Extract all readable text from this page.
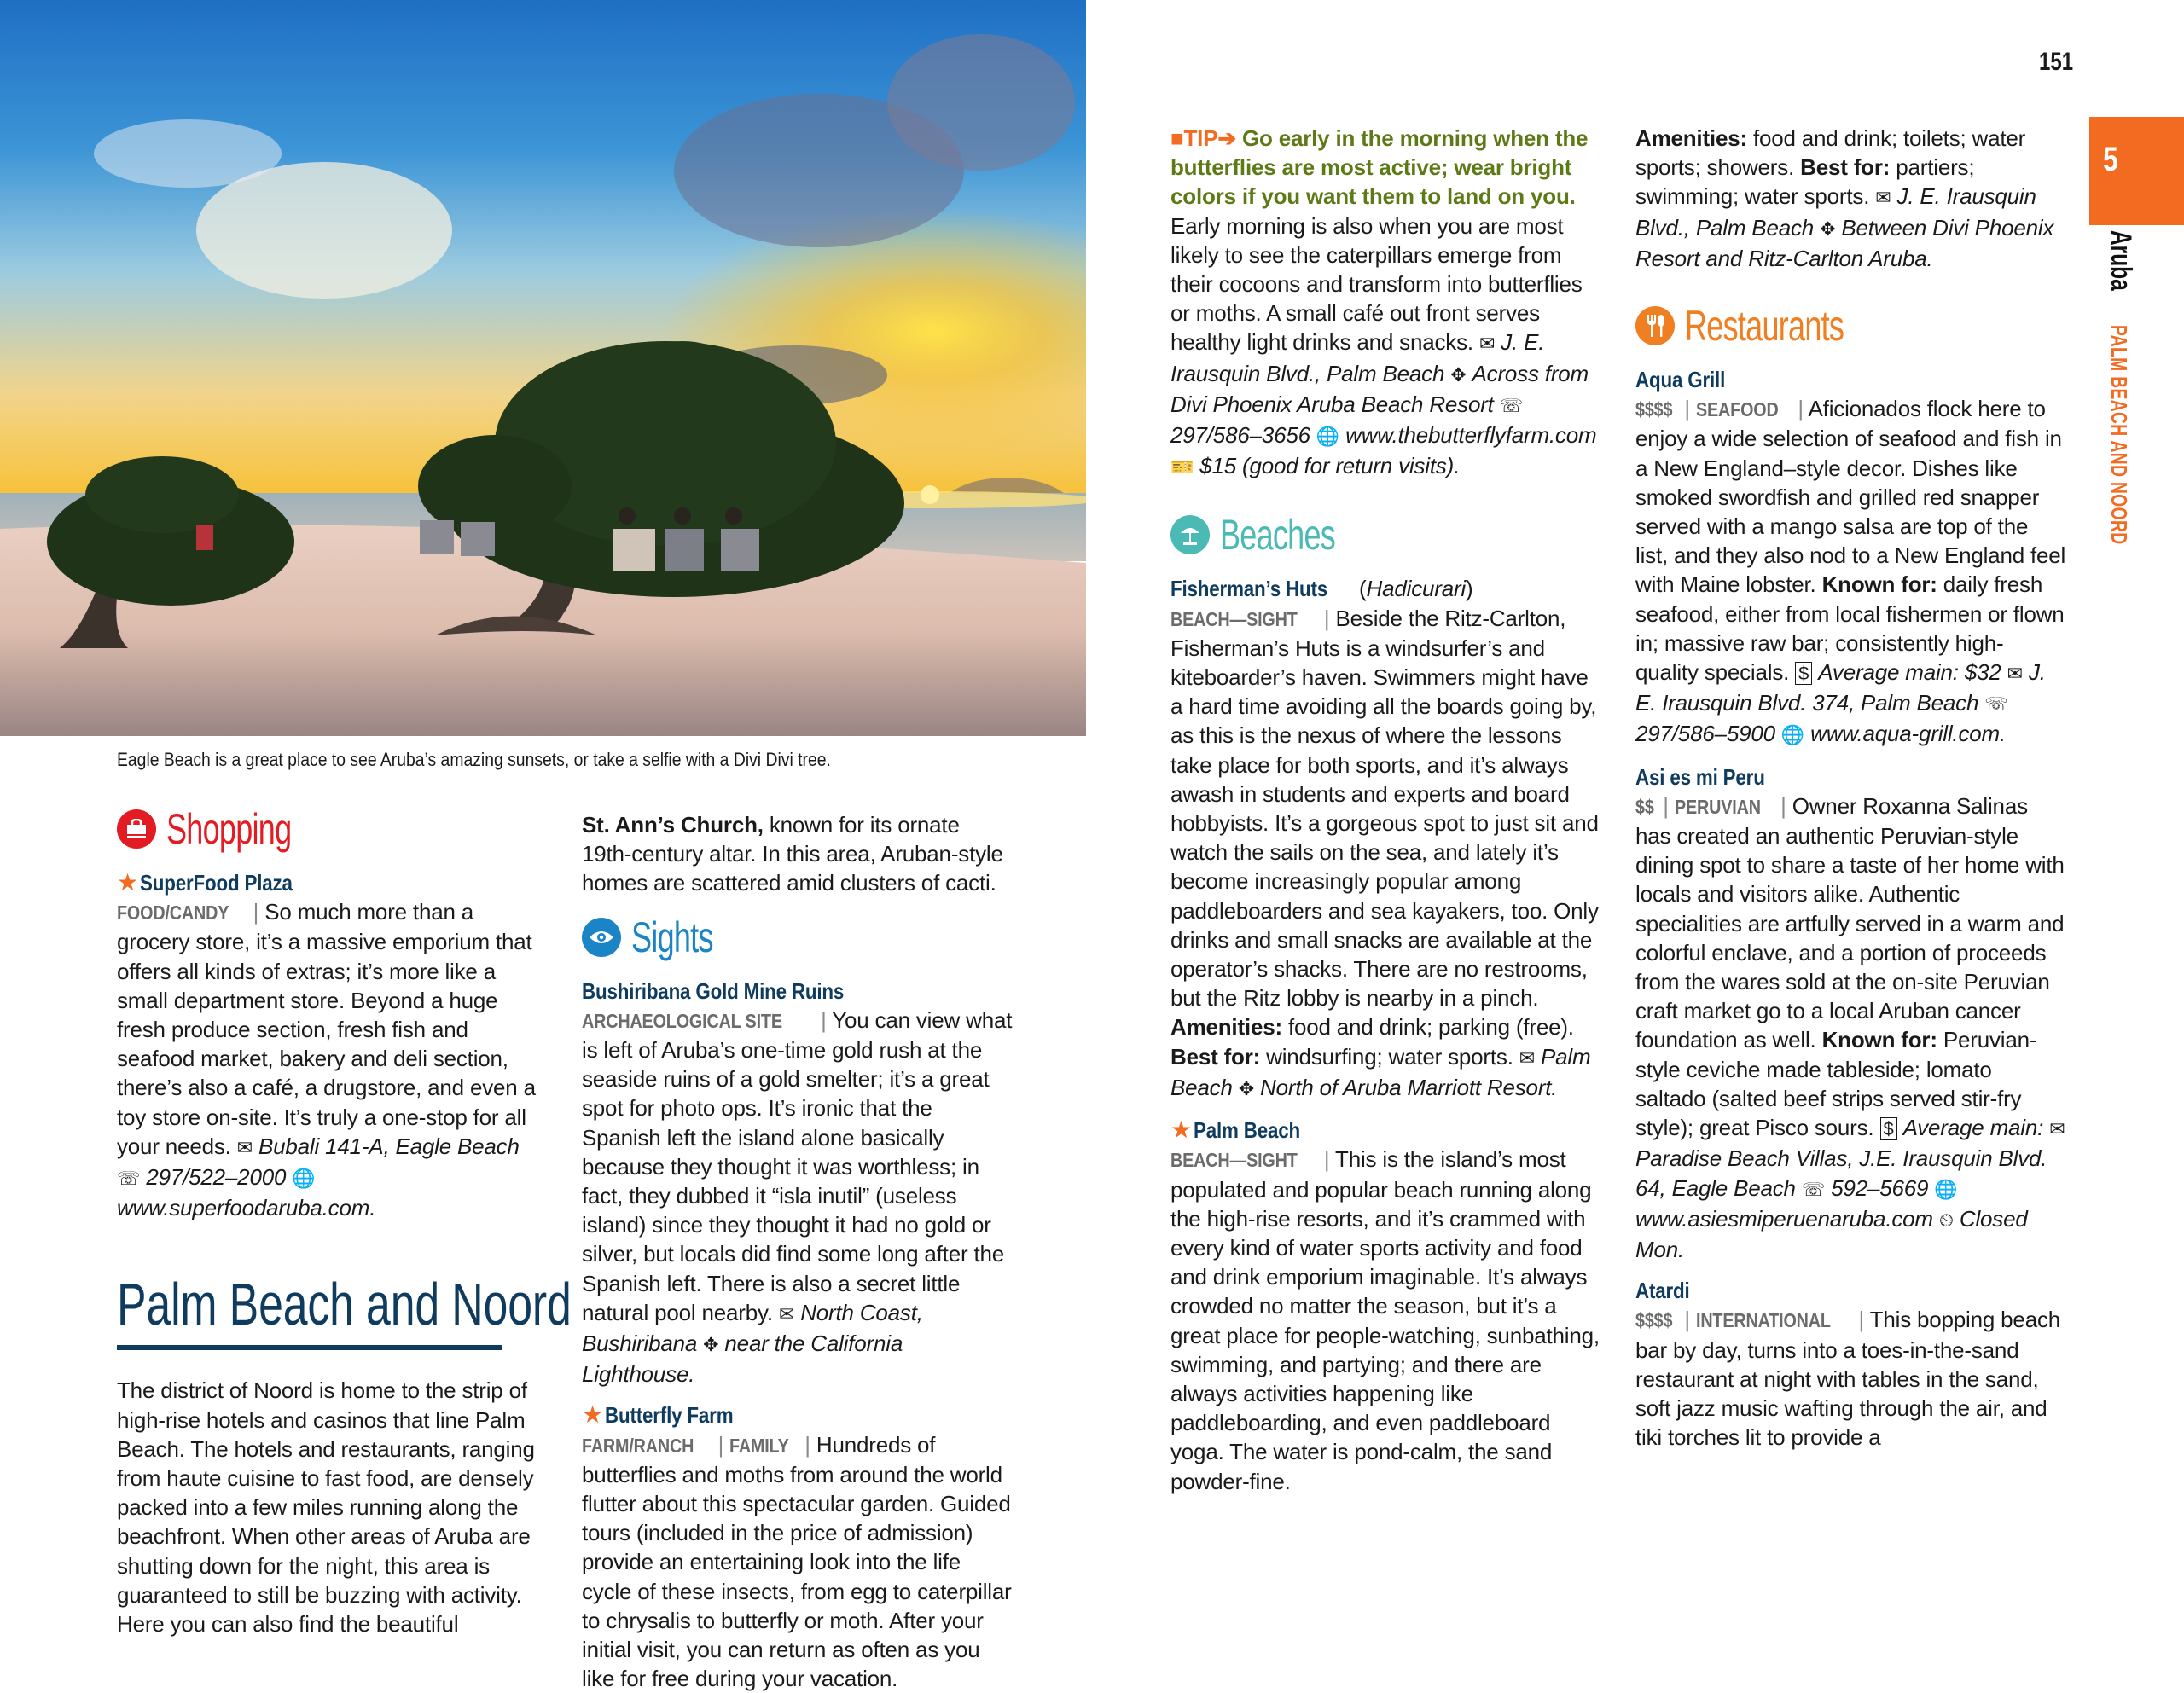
Eagle Beach is a great place to see Aruba’s amazing sunsets, or take a selfie with a Divi Divi tree.
Shopping
★SuperFood Plaza

FOOD/CANDY | So much more than a grocery store, it’s a massive emporium that offers all kinds of extras; it’s more like a small department store. Beyond a huge fresh produce section, fresh fish and seafood market, bakery and deli section, there’s also a café, a drugstore, and even a toy store on-site. It’s truly a one-stop for all your needs. ✉ Bubali 141-A, Eagle Beach ☏ 297/522–2000 🌐 www.superfoodaruba.com.

Palm Beach and Noord

The district of Noord is home to the strip of high-rise hotels and casinos that line Palm Beach. The hotels and restaurants, ranging from haute cuisine to fast food, are densely packed into a few miles running along the beachfront. When other areas of Aruba are shutting down for the night, this area is guaranteed to still be buzzing with activity. Here you can also find the beautiful

St. Ann’s Church, known for its ornate 19th-century altar. In this area, Aruban-style homes are scattered amid clusters of cacti.

Sights
Bushiribana Gold Mine Ruins

ARCHAEOLOGICAL SITE | You can view what is left of Aruba’s one-time gold rush at the seaside ruins of a gold smelter; it’s a great spot for photo ops. It’s ironic that the Spanish left the island alone basically because they thought it was worthless; in fact, they dubbed it “isla inutil” (useless island) since they thought it had no gold or silver, but locals did find some long after the Spanish left. There is also a secret little natural pool nearby. ✉ North Coast, Bushiribana ✥ near the California Lighthouse.

★Butterfly Farm

FARM/RANCH | FAMILY | Hundreds of butterflies and moths from around the world flutter about this spectacular garden. Guided tours (included in the price of admission) provide an entertaining look into the life cycle of these insects, from egg to caterpillar to chrysalis to butterfly or moth. After your initial visit, you can return as often as you like for free during your vacation.

■TIP➔ Go early in the morning when the butterflies are most active; wear bright colors if you want them to land on you. Early morning is also when you are most likely to see the caterpillars emerge from their cocoons and transform into butterflies or moths. A small café out front serves healthy light drinks and snacks. ✉ J. E. Irausquin Blvd., Palm Beach ✥ Across from Divi Phoenix Aruba Beach Resort ☏ 297/586–3656 🌐 www.thebutterflyfarm.com 🎫 $15 (good for return visits).

Beaches
Fisherman’s Huts (Hadicurari)

BEACH—SIGHT | Beside the Ritz-Carlton, Fisherman’s Huts is a windsurfer’s and kiteboarder’s haven. Swimmers might have a hard time avoiding all the boards going by, as this is the nexus of where the lessons take place for both sports, and it’s always awash in students and experts and board hobbyists. It’s a gorgeous spot to just sit and watch the sails on the sea, and lately it’s become increasingly popular among paddleboarders and sea kayakers, too. Only drinks and small snacks are available at the operator’s shacks. There are no restrooms, but the Ritz lobby is nearby in a pinch. Amenities: food and drink; parking (free). Best for: windsurfing; water sports. ✉ Palm Beach ✥ North of Aruba Marriott Resort.

★Palm Beach

BEACH—SIGHT | This is the island’s most populated and popular beach running along the high-rise resorts, and it’s crammed with every kind of water sports activity and food and drink emporium imaginable. It’s always crowded no matter the season, but it’s a great place for people-watching, sunbathing, swimming, and partying; and there are always activities happening like paddleboarding, and even paddleboard yoga. The water is pond-calm, the sand powder-fine.

Amenities: food and drink; toilets; water sports; showers. Best for: partiers; swimming; water sports. ✉ J. E. Irausquin Blvd., Palm Beach ✥ Between Divi Phoenix Resort and Ritz-Carlton Aruba.

Restaurants
Aqua Grill

$$$$ | SEAFOOD | Aficionados flock here to enjoy a wide selection of seafood and fish in a New England–style decor. Dishes like smoked swordfish and grilled red snapper served with a mango salsa are top of the list, and they also nod to a New England feel with Maine lobster. Known for: daily fresh seafood, either from local fishermen or flown in; massive raw bar; consistently high-quality specials. $ Average main: $32 ✉ J. E. Irausquin Blvd. 374, Palm Beach ☏ 297/586–5900 🌐 www.aqua-grill.com.

Asi es mi Peru

$$ | PERUVIAN | Owner Roxanna Salinas has created an authentic Peruvian-style dining spot to share a taste of her home with locals and visitors alike. Authentic specialities are artfully served in a warm and colorful enclave, and a portion of proceeds from the wares sold at the on-site Peruvian craft market go to a local Aruban cancer foundation as well. Known for: Peruvian-style ceviche made tableside; lomato saltado (salted beef strips served stir-fry style); great Pisco sours. $ Average main: ✉ Paradise Beach Villas, J.E. Irausquin Blvd. 64, Eagle Beach ☏ 592–5669 🌐 www.asiesmiperuenaruba.com ⏲ Closed Mon.

Atardi

$$$$ | INTERNATIONAL | This bopping beach bar by day, turns into a toes-in-the-sand restaurant at night with tables in the sand, soft jazz music wafting through the air, and tiki torches lit to provide a

151
5
Aruba  PALM BEACH AND NOORD
